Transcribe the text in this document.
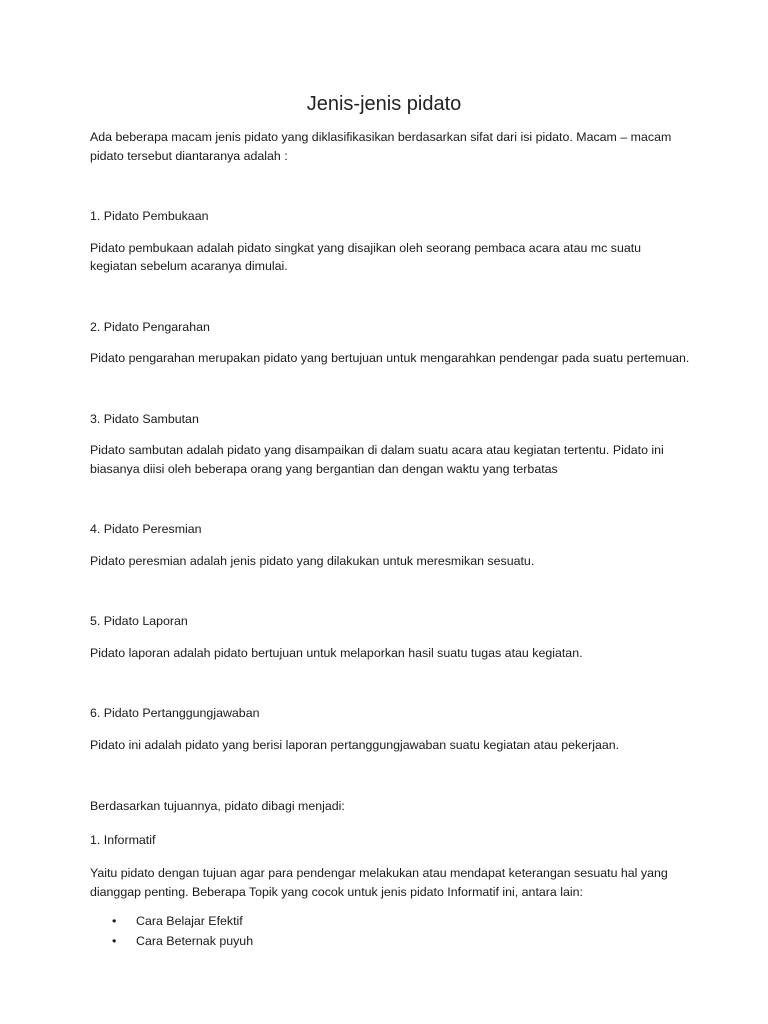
Jenis-jenis pidato

Ada beberapa macam jenis pidato yang diklasifikasikan berdasarkan sifat dari isi pidato. Macam – macam pidato tersebut diantaranya adalah :

1. Pidato Pembukaan

Pidato pembukaan adalah pidato singkat yang disajikan oleh seorang pembaca acara atau mc suatu kegiatan sebelum acaranya dimulai.

2. Pidato Pengarahan

Pidato pengarahan merupakan pidato yang bertujuan untuk mengarahkan pendengar pada suatu pertemuan.

3. Pidato Sambutan

Pidato sambutan adalah pidato yang disampaikan di dalam suatu acara atau kegiatan tertentu. Pidato ini biasanya diisi oleh beberapa orang yang bergantian dan dengan waktu yang terbatas

4. Pidato Peresmian

Pidato peresmian adalah jenis pidato yang dilakukan untuk meresmikan sesuatu.

5. Pidato Laporan

Pidato laporan adalah pidato bertujuan untuk melaporkan hasil suatu tugas atau kegiatan.

6. Pidato Pertanggungjawaban

Pidato ini adalah pidato yang berisi laporan pertanggungjawaban suatu kegiatan atau pekerjaan.

Berdasarkan tujuannya, pidato dibagi menjadi:

1. Informatif

Yaitu pidato dengan tujuan agar para pendengar melakukan atau mendapat keterangan sesuatu hal yang dianggap penting. Beberapa Topik yang cocok untuk jenis pidato Informatif ini, antara lain:

• Cara Belajar Efektif
• Cara Beternak puyuh
